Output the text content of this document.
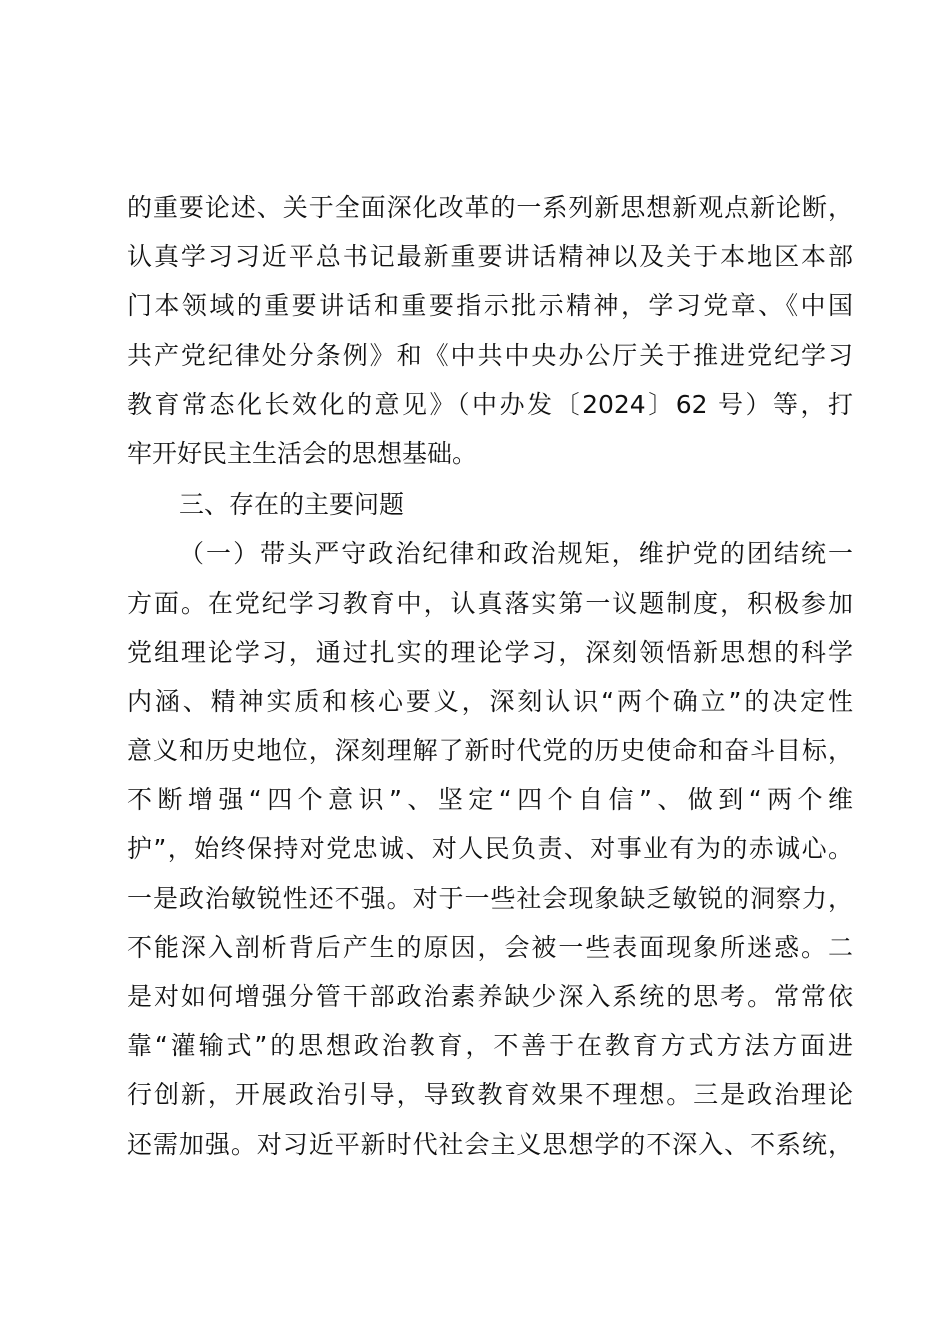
的重要论述、关于全面深化改革的一系列新思想新观点新论断，
认真学习习近平总书记最新重要讲话精神以及关于本地区本部
门本领域的重要讲话和重要指示批示精神，学习党章、《中国
共产党纪律处分条例》和《中共中央办公厅关于推进党纪学习
教育常态化长效化的意见》（中办发〔2024〕62 号）等，打
牢开好民主生活会的思想基础。
三、存在的主要问题
（一）带头严守政治纪律和政治规矩，维护党的团结统一
方面。在党纪学习教育中，认真落实第一议题制度，积极参加
党组理论学习，通过扎实的理论学习，深刻领悟新思想的科学
内涵、精神实质和核心要义，深刻认识“两个确立”的决定性
意义和历史地位，深刻理解了新时代党的历史使命和奋斗目标，
不断增强“四个意识”、坚定“四个自信”、做到“两个维
护”，始终保持对党忠诚、对人民负责、对事业有为的赤诚心。
一是政治敏锐性还不强。对于一些社会现象缺乏敏锐的洞察力，
不能深入剖析背后产生的原因，会被一些表面现象所迷惑。二
是对如何增强分管干部政治素养缺少深入系统的思考。常常依
靠“灌输式”的思想政治教育，不善于在教育方式方法方面进
行创新，开展政治引导，导致教育效果不理想。三是政治理论
还需加强。对习近平新时代社会主义思想学的不深入、不系统，
